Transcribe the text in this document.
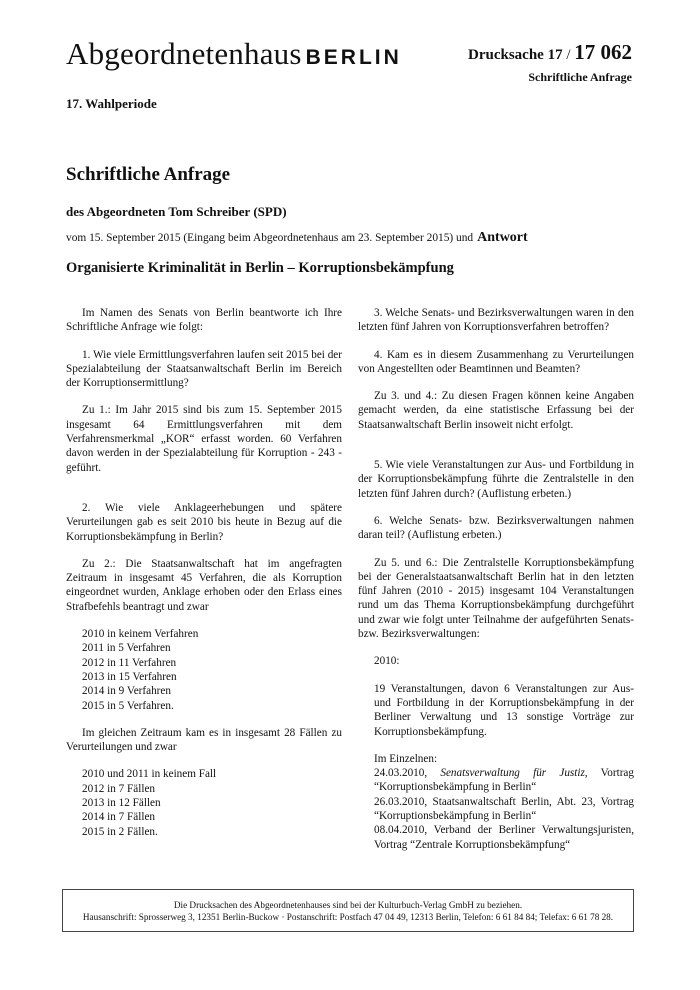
Abgeordnetenhaus BERLIN	Drucksache 17 / 17 062
Schriftliche Anfrage
17. Wahlperiode
Schriftliche Anfrage
des Abgeordneten Tom Schreiber (SPD)
vom 15. September 2015 (Eingang beim Abgeordnetenhaus am 23. September 2015) und Antwort
Organisierte Kriminalität in Berlin – Korruptionsbekämpfung

Im Namen des Senats von Berlin beantworte ich Ihre Schriftliche Anfrage wie folgt:

1. Wie viele Ermittlungsverfahren laufen seit 2015 bei der Spezialabteilung der Staatsanwaltschaft Berlin im Bereich der Korruptionsermittlung?

Zu 1.: Im Jahr 2015 sind bis zum 15. September 2015 insgesamt 64 Ermittlungsverfahren mit dem Verfahrensmerkmal „KOR“ erfasst worden. 60 Verfahren davon werden in der Spezialabteilung für Korruption - 243 - geführt.

2. Wie viele Anklageerhebungen und spätere Verurteilungen gab es seit 2010 bis heute in Bezug auf die Korruptionsbekämpfung in Berlin?

Zu 2.: Die Staatsanwaltschaft hat im angefragten Zeitraum in insgesamt 45 Verfahren, die als Korruption eingeordnet wurden, Anklage erhoben oder den Erlass eines Strafbefehls beantragt und zwar

2010 in keinem Verfahren
2011 in 5 Verfahren
2012 in 11 Verfahren
2013 in 15 Verfahren
2014 in 9 Verfahren
2015 in 5 Verfahren.

Im gleichen Zeitraum kam es in insgesamt 28 Fällen zu Verurteilungen und zwar

2010 und 2011 in keinem Fall
2012 in 7 Fällen
2013 in 12 Fällen
2014 in 7 Fällen
2015 in 2 Fällen.

3. Welche Senats- und Bezirksverwaltungen waren in den letzten fünf Jahren von Korruptionsverfahren betroffen?

4. Kam es in diesem Zusammenhang zu Verurteilungen von Angestellten oder Beamtinnen und Beamten?

Zu 3. und 4.: Zu diesen Fragen können keine Angaben gemacht werden, da eine statistische Erfassung bei der Staatsanwaltschaft Berlin insoweit nicht erfolgt.

5. Wie viele Veranstaltungen zur Aus- und Fortbildung in der Korruptionsbekämpfung führte die Zentralstelle in den letzten fünf Jahren durch? (Auflistung erbeten.)

6. Welche Senats- bzw. Bezirksverwaltungen nahmen daran teil? (Auflistung erbeten.)

Zu 5. und 6.: Die Zentralstelle Korruptionsbekämpfung bei der Generalstaatsanwaltschaft Berlin hat in den letzten fünf Jahren (2010 - 2015) insgesamt 104 Veranstaltungen rund um das Thema Korruptionsbekämpfung durchgeführt und zwar wie folgt unter Teilnahme der aufgeführten Senats- bzw. Bezirksverwaltungen:

2010:
19 Veranstaltungen, davon 6 Veranstaltungen zur Aus- und Fortbildung in der Korruptionsbekämpfung in der Berliner Verwaltung und 13 sonstige Vorträge zur Korruptionsbekämpfung.
Im Einzelnen:
24.03.2010, Senatsverwaltung für Justiz, Vortrag “Korruptionsbekämpfung in Berlin“
26.03.2010, Staatsanwaltschaft Berlin, Abt. 23, Vortrag “Korruptionsbekämpfung in Berlin“
08.04.2010, Verband der Berliner Verwaltungsjuristen, Vortrag “Zentrale Korruptionsbekämpfung“
Die Drucksachen des Abgeordnetenhauses sind bei der Kulturbuch-Verlag GmbH zu beziehen.
Hausanschrift: Sprosserweg 3, 12351 Berlin-Buckow · Postanschrift: Postfach 47 04 49, 12313 Berlin, Telefon: 6 61 84 84; Telefax: 6 61 78 28.
